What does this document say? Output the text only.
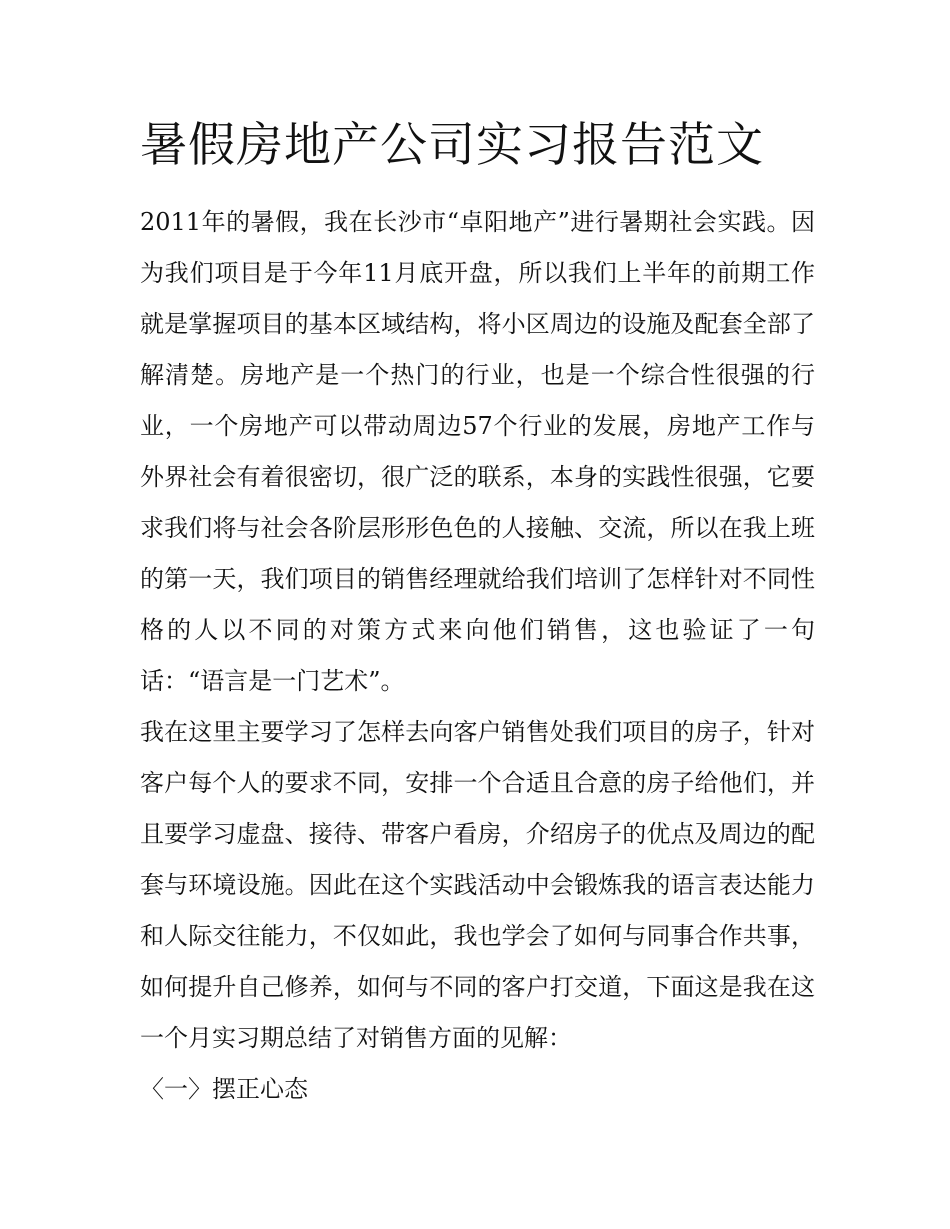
暑假房地产公司实习报告范文

2011年的暑假，我在长沙市“卓阳地产”进行暑期社会实践。因为我们项目是于今年11月底开盘，所以我们上半年的前期工作就是掌握项目的基本区域结构，将小区周边的设施及配套全部了解清楚。房地产是一个热门的行业，也是一个综合性很强的行业，一个房地产可以带动周边57个行业的发展，房地产工作与外界社会有着很密切，很广泛的联系，本身的实践性很强，它要求我们将与社会各阶层形形色色的人接触、交流，所以在我上班的第一天，我们项目的销售经理就给我们培训了怎样针对不同性格的人以不同的对策方式来向他们销售，这也验证了一句话：“语言是一门艺术”。

我在这里主要学习了怎样去向客户销售处我们项目的房子，针对客户每个人的要求不同，安排一个合适且合意的房子给他们，并且要学习虚盘、接待、带客户看房，介绍房子的优点及周边的配套与环境设施。因此在这个实践活动中会锻炼我的语言表达能力和人际交往能力，不仅如此，我也学会了如何与同事合作共事，如何提升自己修养，如何与不同的客户打交道，下面这是我在这一个月实习期总结了对销售方面的见解：

〈一〉摆正心态
